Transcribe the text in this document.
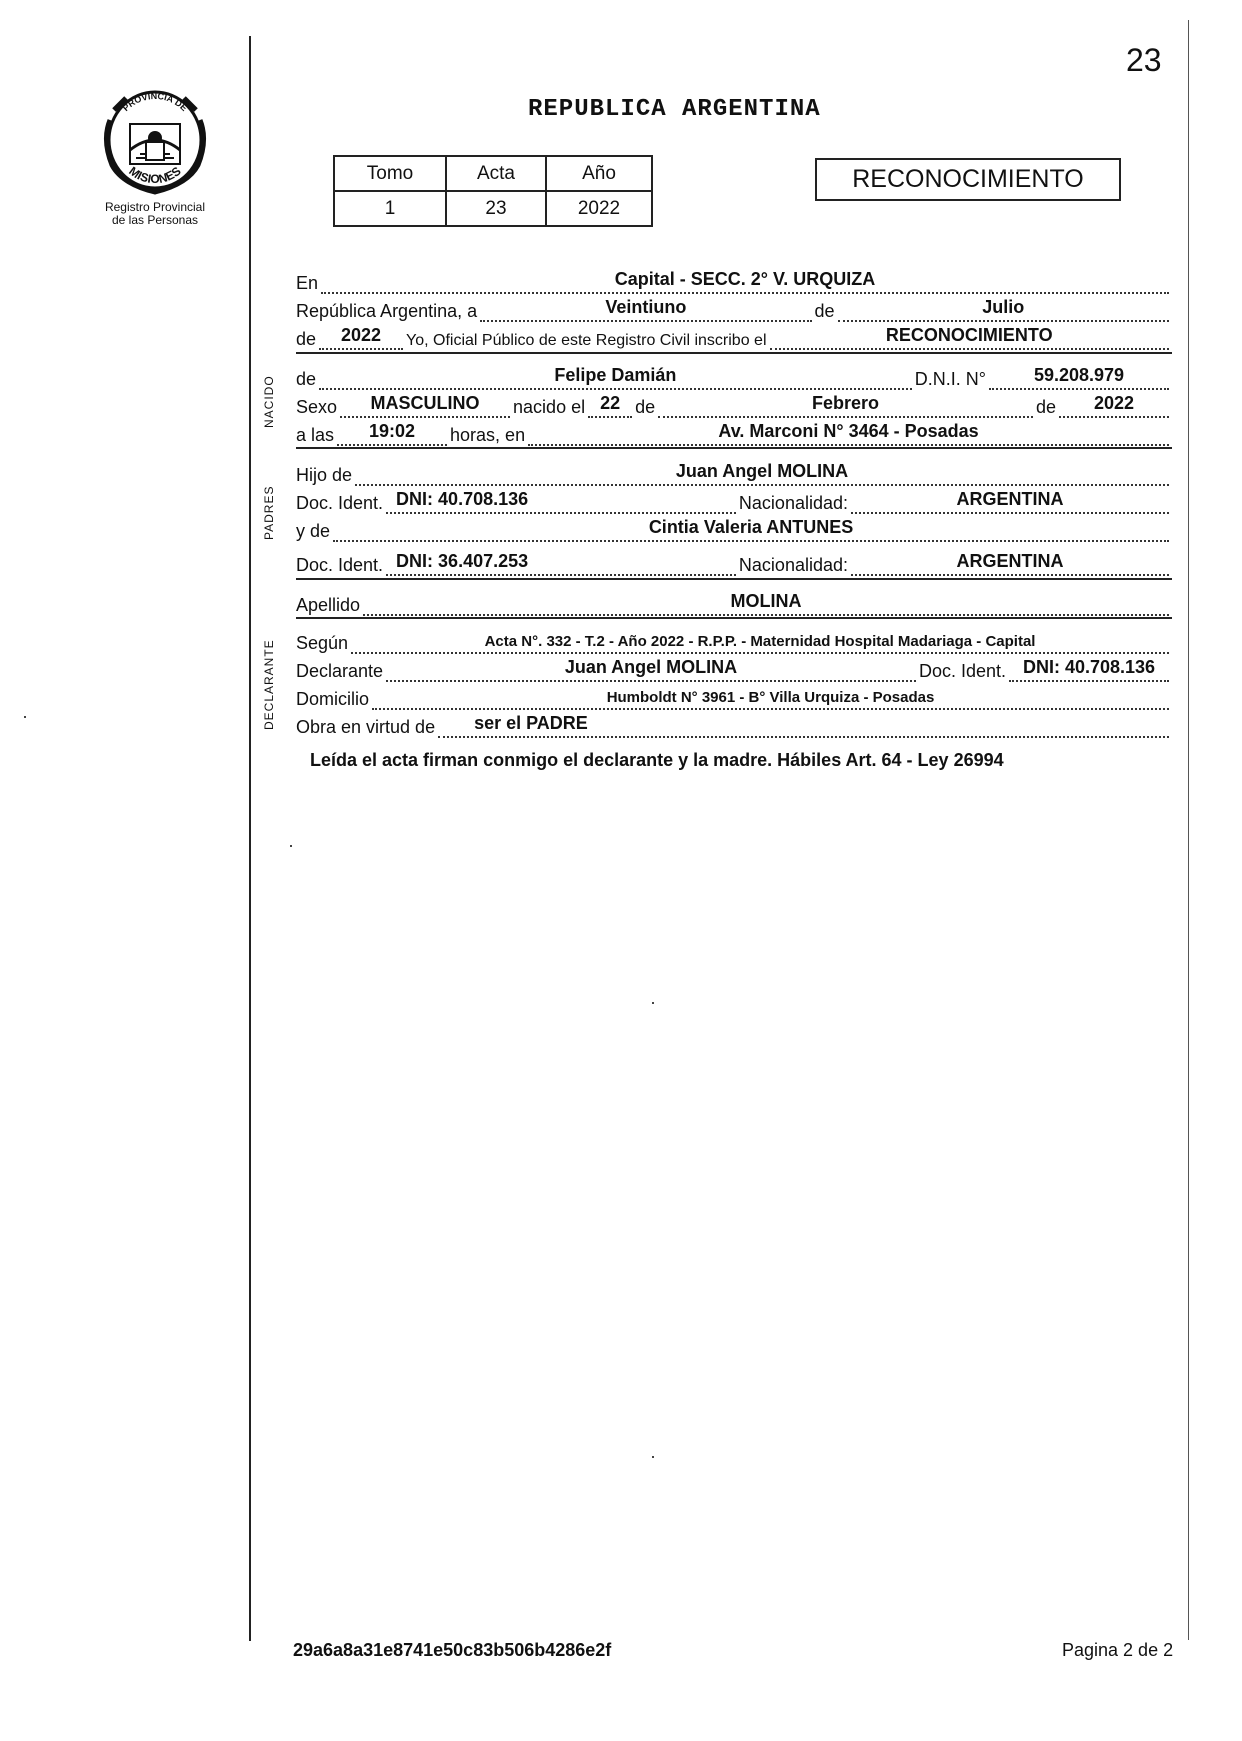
23
PROVINCIA DE
MISIONES
Registro Provincial
de las Personas
REPUBLICA ARGENTINA
Tomo	Acta	Año
1	23	2022
RECONOCIMIENTO
En	Capital - SECC. 2° V. URQUIZA
República Argentina, a	Veintiuno	de	Julio
de	2022	Yo, Oficial Público de este Registro Civil inscribo el	RECONOCIMIENTO
NACIDO de	Felipe Damián	D.N.I. N°	59.208.979
Sexo	MASCULINO	nacido el 22 de	Febrero	de	2022
a las	19:02	horas, en	Av. Marconi N° 3464 - Posadas
PADRES
Hijo de	Juan Angel MOLINA
Doc. Ident. DNI: 40.708.136	Nacionalidad:	ARGENTINA
y de	Cintia Valeria ANTUNES
Doc. Ident. DNI: 36.407.253	Nacionalidad:	ARGENTINA
Apellido	MOLINA
DECLARANTE Según	Acta N°. 332 - T.2 - Año 2022 - R.P.P. - Maternidad Hospital Madariaga - Capital
Declarante	Juan Angel MOLINA	Doc. Ident. DNI: 40.708.136
Domicilio	Humboldt N° 3961 - B° Villa Urquiza - Posadas
Obra en virtud de	ser el PADRE
Leída el acta firman conmigo el declarante y la madre. Hábiles Art. 64 - Ley 26994
29a6a8a31e8741e50c83b506b4286e2f	Pagina 2 de 2
